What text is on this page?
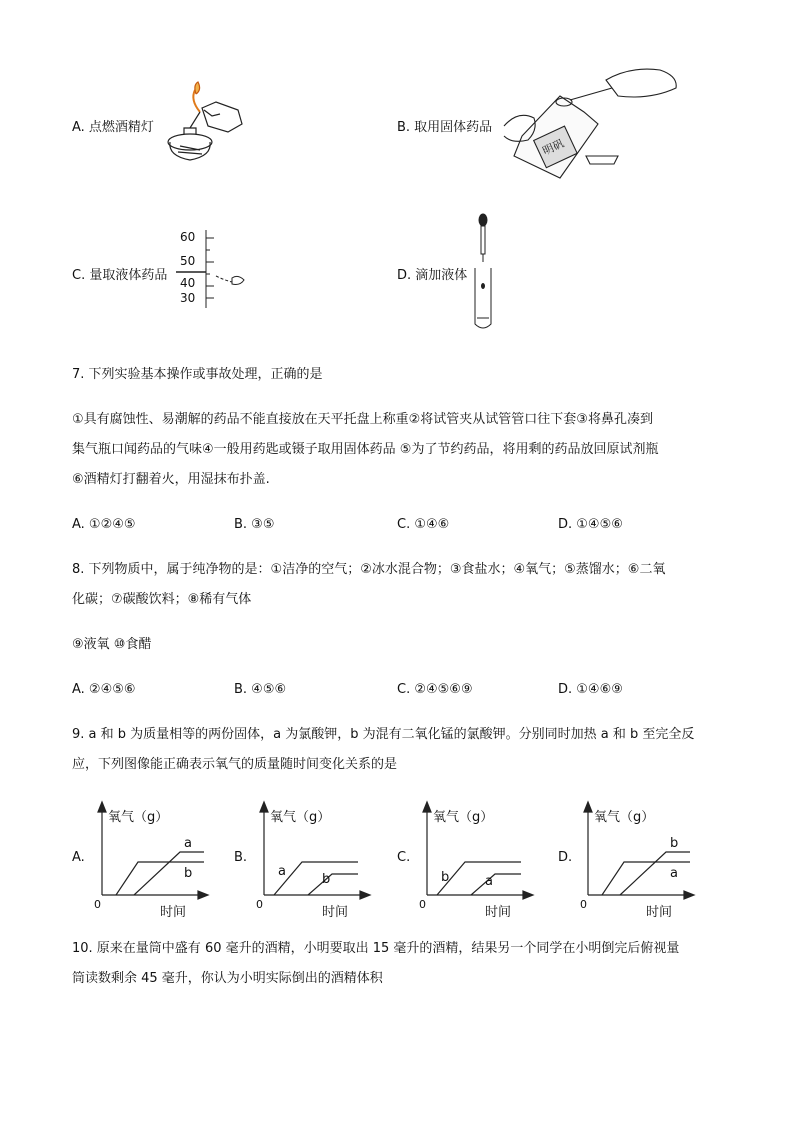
A. 点燃酒精灯	B. 取用固体药品
明矾
C. 量取液体药品
60
50
40
30
D. 滴加液体
7. 下列实验基本操作或事故处理，正确的是
①具有腐蚀性、易潮解的药品不能直接放在天平托盘上称重②将试管夹从试管管口往下套③将鼻孔凑到
集气瓶口闻药品的气味④一般用药匙或镊子取用固体药品 ⑤为了节约药品，将用剩的药品放回原试剂瓶
⑥酒精灯打翻着火，用湿抹布扑盖.
A. ①②④⑤	B. ③⑤	C. ①④⑥	D. ①④⑤⑥
8. 下列物质中，属于纯净物的是：①洁净的空气；②冰水混合物；③食盐水；④氧气；⑤蒸馏水；⑥二氧
化碳；⑦碳酸饮料；⑧稀有气体
⑨液氧 ⑩食醋
A. ②④⑤⑥	B. ④⑤⑥	C. ②④⑤⑥⑨	D. ①④⑥⑨
9. a 和 b 为质量相等的两份固体，a 为氯酸钾，b 为混有二氧化锰的氯酸钾。分别同时加热 a 和 b 至完全反
应，下列图像能正确表示氧气的质量随时间变化关系的是
A.
氧气（g）
a
b
0
时间
B.
氧气（g）
a
b
0
时间
C.
氧气（g）
b	a
0
时间
D.
氧气（g）
b
a
0
时间
10. 原来在量筒中盛有 60 毫升的酒精，小明要取出 15 毫升的酒精，结果另一个同学在小明倒完后俯视量
筒读数剩余 45 毫升，你认为小明实际倒出的酒精体积
